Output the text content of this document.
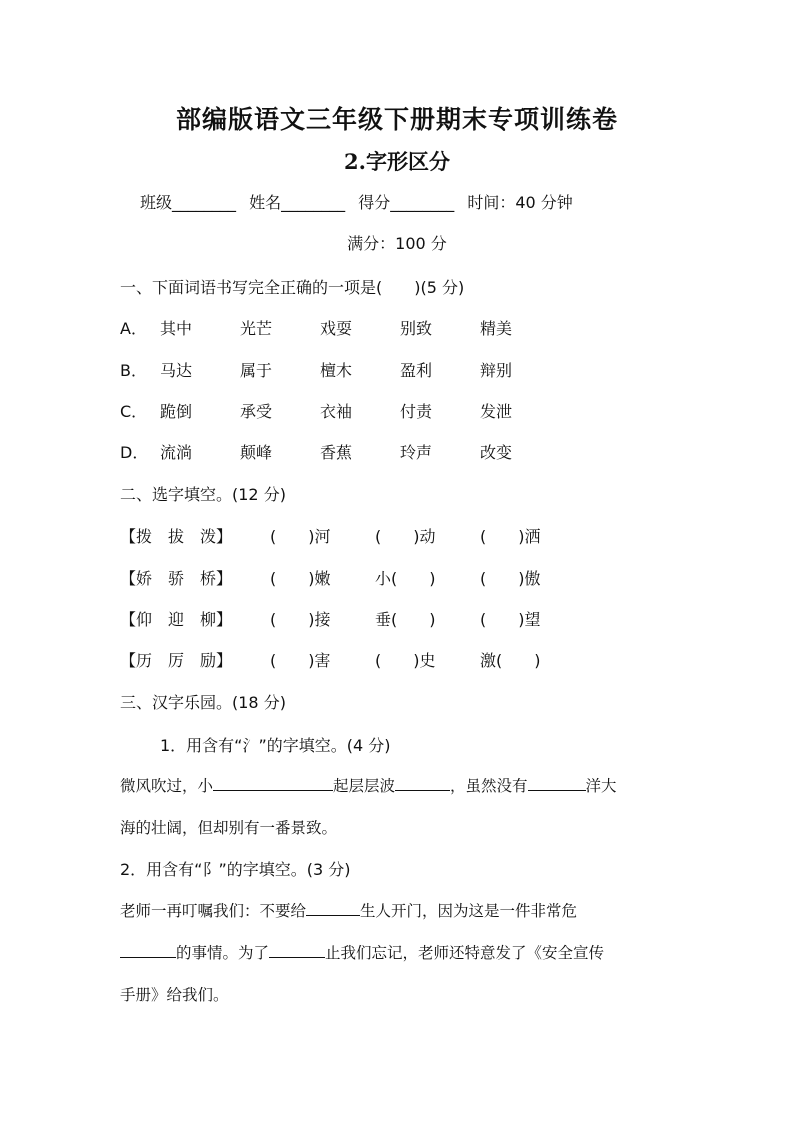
部编版语文三年级下册期末专项训练卷
2.字形区分
班级________ 姓名________ 得分________ 时间：40 分钟
满分：100 分
一、下面词语书写完全正确的一项是(　　)(5 分)
A． 其中	光芒	戏耍	别致	精美
B． 马达	属于	檀木	盈利	辩别
C． 跪倒	承受	衣袖	付责	发泄
D． 流淌	颠峰	香蕉	玲声	改变
二、选字填空。(12 分)
【拨　拔　泼】 (　　)河	(　　)动	(　　)洒
【娇　骄　桥】 (　　)嫩	小(　　)	(　　)傲
【仰　迎　柳】 (　　)接	垂(　　)	(　　)望
【历　厉　励】 (　　)害	(　　)史	激(　　)
三、汉字乐园。(18 分)
1．用含有“氵”的字填空。(4 分)
微风吹过，小	起层层波	，虽然没有	洋大
海的壮阔，但却别有一番景致。
2．用含有“阝”的字填空。(3 分)
老师一再叮嘱我们：不要给	生人开门，因为这是一件非常危
的事情。为了	止我们忘记，老师还特意发了《安全宣传
手册》给我们。
